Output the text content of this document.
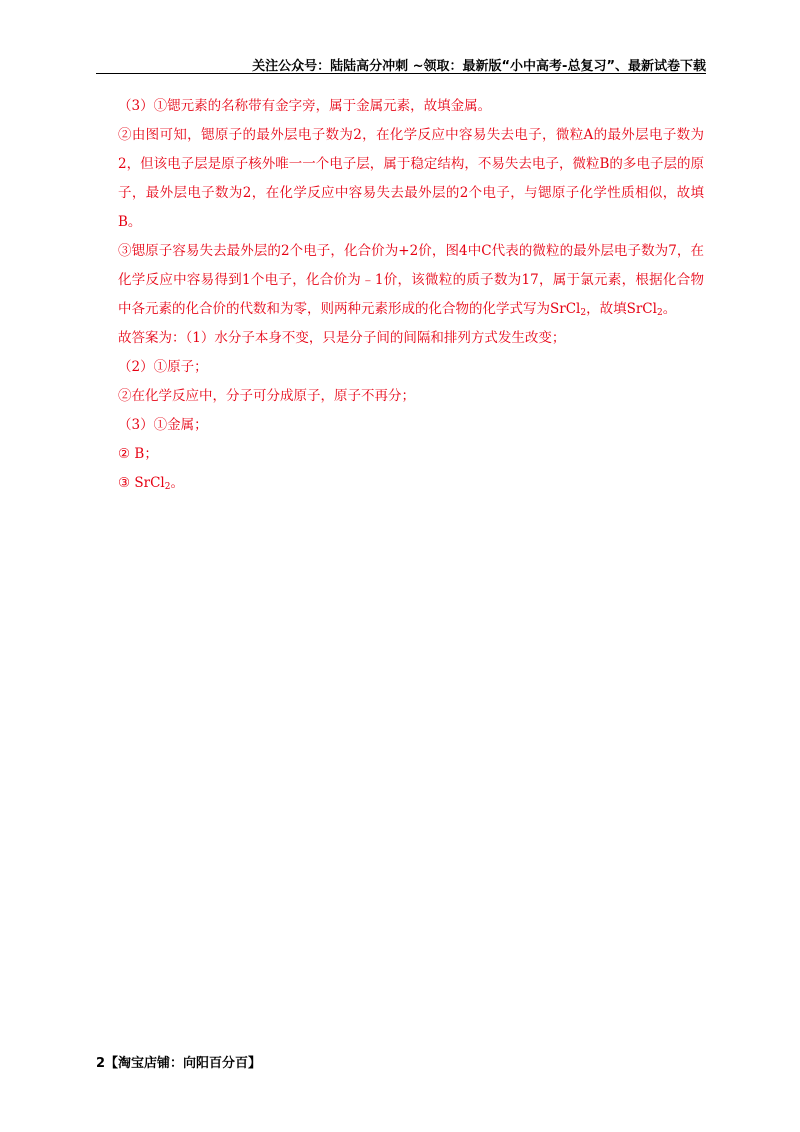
关注公众号：陆陆高分冲刺 ~领取：最新版“小中高考-总复习”、最新试卷下载

（3）①锶元素的名称带有金字旁，属于金属元素，故填金属。

②由图可知，锶原子的最外层电子数为2，在化学反应中容易失去电子，微粒A的最外层电子数为2，但该电子层是原子核外唯一一个电子层，属于稳定结构，不易失去电子，微粒B的多电子层的原子，最外层电子数为2，在化学反应中容易失去最外层的2个电子，与锶原子化学性质相似，故填B。

③锶原子容易失去最外层的2个电子，化合价为+2价，图4中C代表的微粒的最外层电子数为7，在化学反应中容易得到1个电子，化合价为﹣1价，该微粒的质子数为17，属于氯元素，根据化合物中各元素的化合价的代数和为零，则两种元素形成的化合物的化学式写为SrCl$_2$，故填SrCl$_2$。

故答案为：（1）水分子本身不变，只是分子间的间隔和排列方式发生改变；

（2）①原子；

②在化学反应中，分子可分成原子，原子不再分；

（3）①金属；

② B；

③ SrCl$_2$。

2【淘宝店铺：向阳百分百】
